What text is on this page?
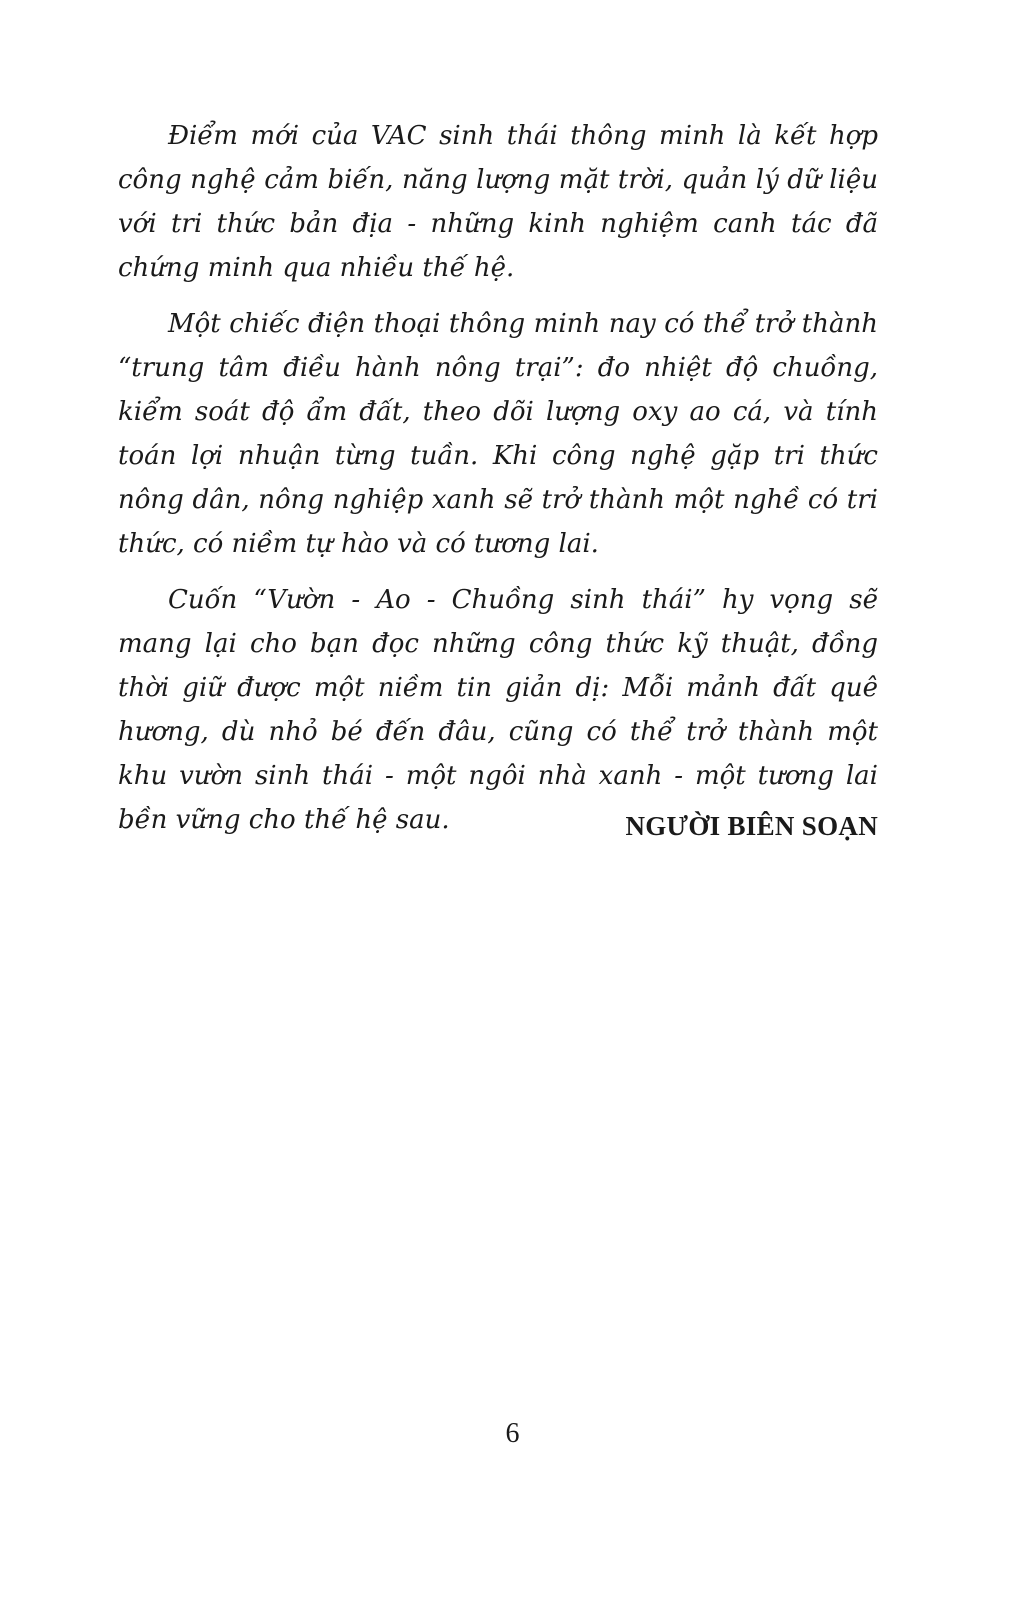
Điểm mới của VAC sinh thái thông minh là kết hợp công nghệ cảm biến, năng lượng mặt trời, quản lý dữ liệu với tri thức bản địa - những kinh nghiệm canh tác đã chứng minh qua nhiều thế hệ.

Một chiếc điện thoại thông minh nay có thể trở thành “trung tâm điều hành nông trại”: đo nhiệt độ chuồng, kiểm soát độ ẩm đất, theo dõi lượng oxy ao cá, và tính toán lợi nhuận từng tuần. Khi công nghệ gặp tri thức nông dân, nông nghiệp xanh sẽ trở thành một nghề có tri thức, có niềm tự hào và có tương lai.

Cuốn “Vườn - Ao - Chuồng sinh thái” hy vọng sẽ mang lại cho bạn đọc những công thức kỹ thuật, đồng thời giữ được một niềm tin giản dị: Mỗi mảnh đất quê hương, dù nhỏ bé đến đâu, cũng có thể trở thành một khu vườn sinh thái - một ngôi nhà xanh - một tương lai bền vững cho thế hệ sau.	NGƯỜI BIÊN SOẠN

6
